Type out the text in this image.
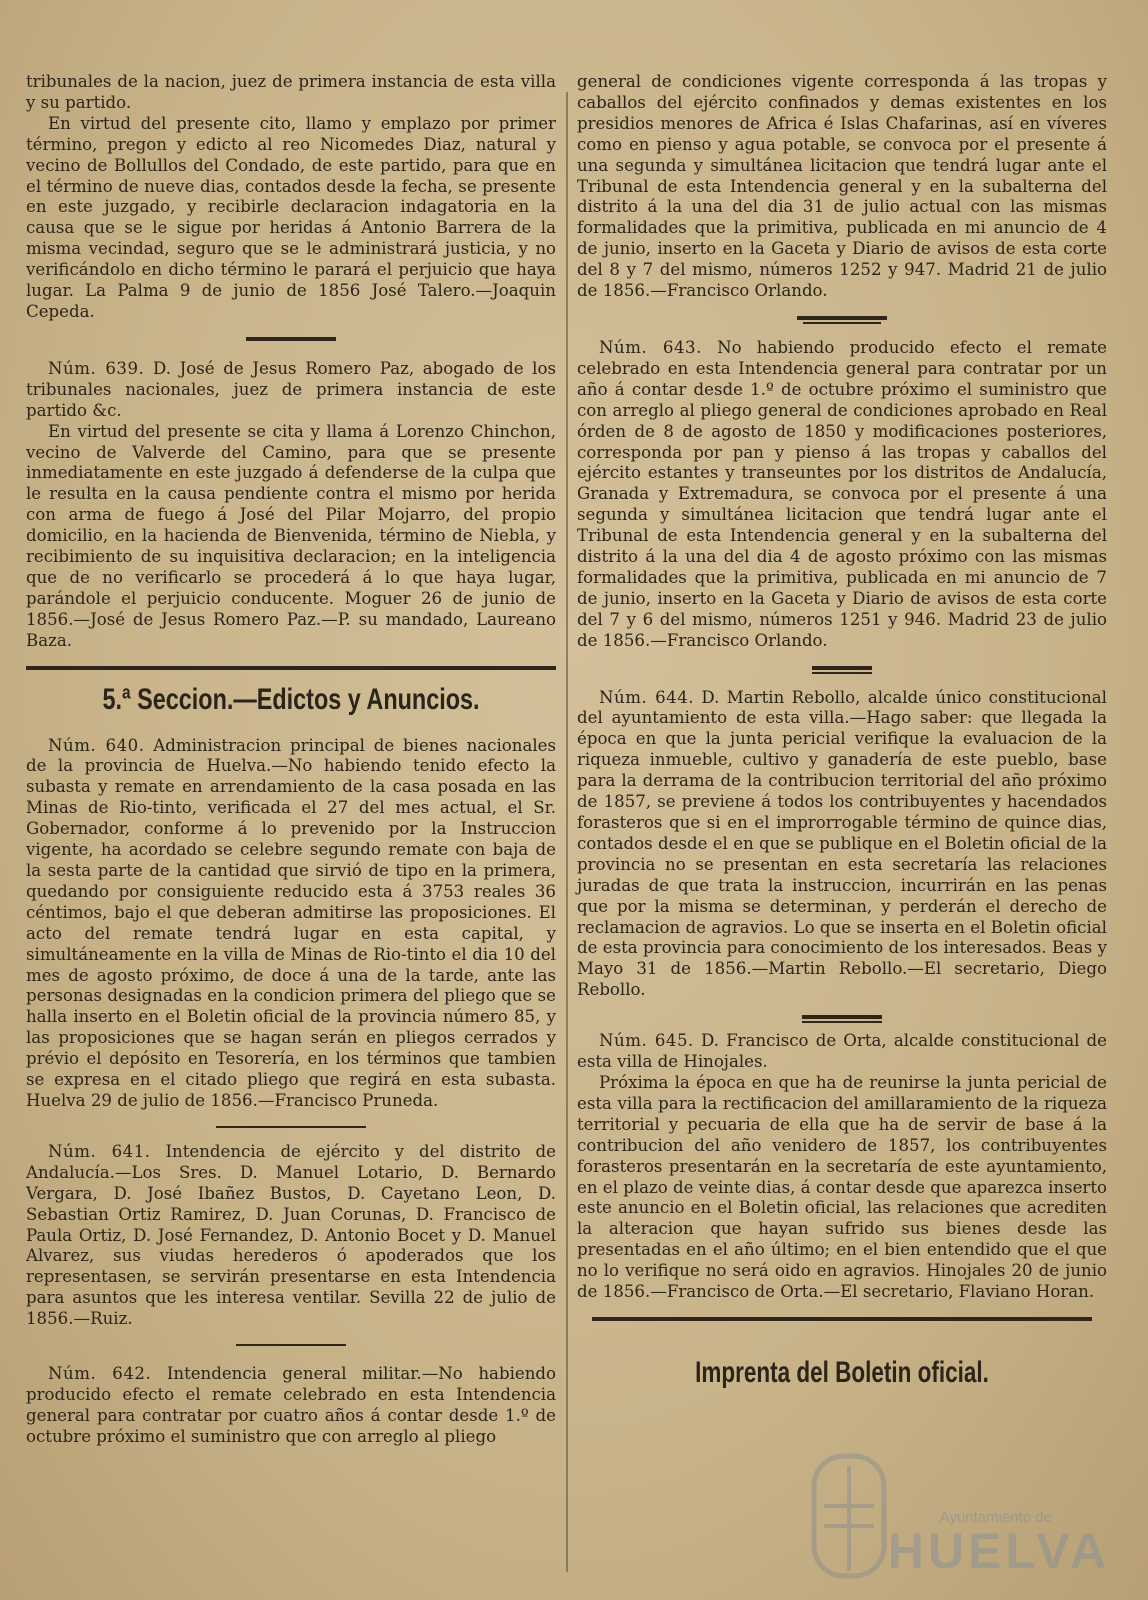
tribunales de la nacion, juez de primera instancia de esta villa y su partido.

En virtud del presente cito, llamo y emplazo por primer término, pregon y edicto al reo Nicomedes Diaz, natural y vecino de Bollullos del Condado, de este partido, para que en el término de nueve dias, contados desde la fecha, se presente en este juzgado, y recibirle declaracion indagatoria en la causa que se le sigue por heridas á Antonio Barrera de la misma vecindad, seguro que se le administrará justicia, y no verificándolo en dicho término le parará el perjuicio que haya lugar. La Palma 9 de junio de 1856 José Talero.—Joaquin Cepeda.

Núm. 639. D. José de Jesus Romero Paz, abogado de los tribunales nacionales, juez de primera instancia de este partido &c.

En virtud del presente se cita y llama á Lorenzo Chinchon, vecino de Valverde del Camino, para que se presente inmediatamente en este juzgado á defenderse de la culpa que le resulta en la causa pendiente contra el mismo por herida con arma de fuego á José del Pilar Mojarro, del propio domicilio, en la hacienda de Bienvenida, término de Niebla, y recibimiento de su inquisitiva declaracion; en la inteligencia que de no verificarlo se procederá á lo que haya lugar, parándole el perjuicio conducente. Moguer 26 de junio de 1856.—José de Jesus Romero Paz.—P. su mandado, Laureano Baza.

5.ª Seccion.—Edictos y Anuncios.

Núm. 640. Administracion principal de bienes nacionales de la provincia de Huelva.—No habiendo tenido efecto la subasta y remate en arrendamiento de la casa posada en las Minas de Rio-tinto, verificada el 27 del mes actual, el Sr. Gobernador, conforme á lo prevenido por la Instruccion vigente, ha acordado se celebre segundo remate con baja de la sesta parte de la cantidad que sirvió de tipo en la primera, quedando por consiguiente reducido esta á 3753 reales 36 céntimos, bajo el que deberan admitirse las proposiciones. El acto del remate tendrá lugar en esta capital, y simultáneamente en la villa de Minas de Rio-tinto el dia 10 del mes de agosto próximo, de doce á una de la tarde, ante las personas designadas en la condicion primera del pliego que se halla inserto en el Boletin oficial de la provincia número 85, y las proposiciones que se hagan serán en pliegos cerrados y prévio el depósito en Tesorería, en los términos que tambien se expresa en el citado pliego que regirá en esta subasta. Huelva 29 de julio de 1856.—Francisco Pruneda.

Núm. 641. Intendencia de ejército y del distrito de Andalucía.—Los Sres. D. Manuel Lotario, D. Bernardo Vergara, D. José Ibañez Bustos, D. Cayetano Leon, D. Sebastian Ortiz Ramirez, D. Juan Corunas, D. Francisco de Paula Ortiz, D. José Fernandez, D. Antonio Bocet y D. Manuel Alvarez, sus viudas herederos ó apoderados que los representasen, se servirán presentarse en esta Intendencia para asuntos que les interesa ventilar. Sevilla 22 de julio de 1856.—Ruiz.

Núm. 642. Intendencia general militar.—No habiendo producido efecto el remate celebrado en esta Intendencia general para contratar por cuatro años á contar desde 1.º de octubre próximo el suministro que con arreglo al pliego

general de condiciones vigente corresponda á las tropas y caballos del ejército confinados y demas existentes en los presidios menores de Africa é Islas Chafarinas, así en víveres como en pienso y agua potable, se convoca por el presente á una segunda y simultánea licitacion que tendrá lugar ante el Tribunal de esta Intendencia general y en la subalterna del distrito á la una del dia 31 de julio actual con las mismas formalidades que la primitiva, publicada en mi anuncio de 4 de junio, inserto en la Gaceta y Diario de avisos de esta corte del 8 y 7 del mismo, números 1252 y 947. Madrid 21 de julio de 1856.—Francisco Orlando.

Núm. 643. No habiendo producido efecto el remate celebrado en esta Intendencia general para contratar por un año á contar desde 1.º de octubre próximo el suministro que con arreglo al pliego general de condiciones aprobado en Real órden de 8 de agosto de 1850 y modificaciones posteriores, corresponda por pan y pienso á las tropas y caballos del ejército estantes y transeuntes por los distritos de Andalucía, Granada y Extremadura, se convoca por el presente á una segunda y simultánea licitacion que tendrá lugar ante el Tribunal de esta Intendencia general y en la subalterna del distrito á la una del dia 4 de agosto próximo con las mismas formalidades que la primitiva, publicada en mi anuncio de 7 de junio, inserto en la Gaceta y Diario de avisos de esta corte del 7 y 6 del mismo, números 1251 y 946. Madrid 23 de julio de 1856.—Francisco Orlando.

Núm. 644. D. Martin Rebollo, alcalde único constitucional del ayuntamiento de esta villa.—Hago saber: que llegada la época en que la junta pericial verifique la evaluacion de la riqueza inmueble, cultivo y ganadería de este pueblo, base para la derrama de la contribucion territorial del año próximo de 1857, se previene á todos los contribuyentes y hacendados forasteros que si en el improrrogable término de quince dias, contados desde el en que se publique en el Boletin oficial de la provincia no se presentan en esta secretaría las relaciones juradas de que trata la instruccion, incurrirán en las penas que por la misma se determinan, y perderán el derecho de reclamacion de agravios. Lo que se inserta en el Boletin oficial de esta provincia para conocimiento de los interesados. Beas y Mayo 31 de 1856.—Martin Rebollo.—El secretario, Diego Rebollo.

Núm. 645. D. Francisco de Orta, alcalde constitucional de esta villa de Hinojales.

Próxima la época en que ha de reunirse la junta pericial de esta villa para la rectificacion del amillaramiento de la riqueza territorial y pecuaria de ella que ha de servir de base á la contribucion del año venidero de 1857, los contribuyentes forasteros presentarán en la secretaría de este ayuntamiento, en el plazo de veinte dias, á contar desde que aparezca inserto este anuncio en el Boletin oficial, las relaciones que acrediten la alteracion que hayan sufrido sus bienes desde las presentadas en el año último; en el bien entendido que el que no lo verifique no será oido en agravios. Hinojales 20 de junio de 1856.—Francisco de Orta.—El secretario, Flaviano Horan.

Imprenta del Boletin oficial.
Ayuntamiento de
HUELVA
